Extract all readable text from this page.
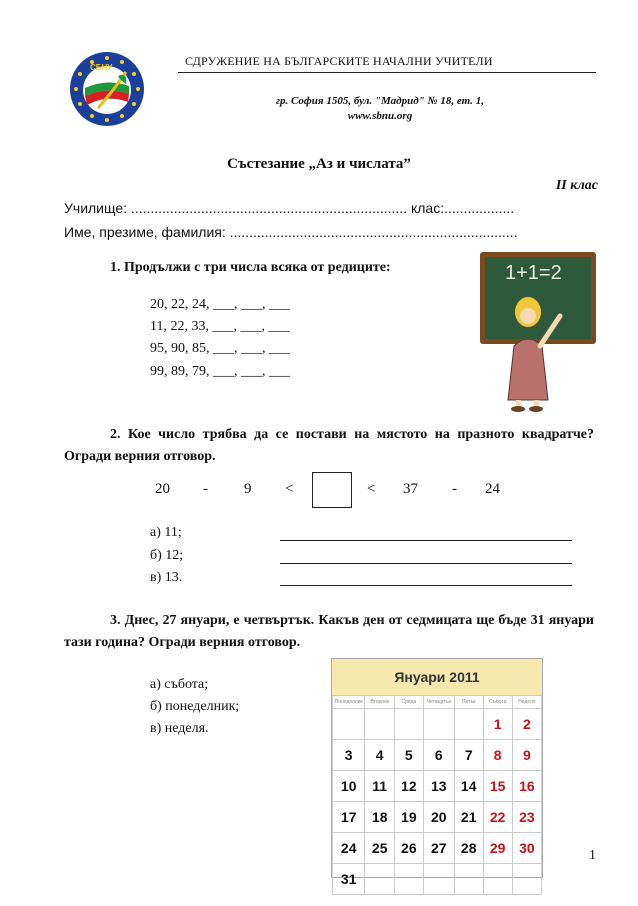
СБНУ	СДРУЖЕНИЕ НА БЪЛГАРСКИТЕ НАЧАЛНИ УЧИТЕЛИ
гр. София 1505, бул. "Мадрид" № 18, ет. 1,
www.sbnu.org
Състезание „Аз и числата”
II клас
Училище: ....................................................................... клас:..................
Име, презиме, фамилия: ..........................................................................
1. Продължи с три числа всяка от редиците:
20, 22, 24, ___, ___, ___
11, 22, 33, ___, ___, ___
95, 90, 85, ___, ___, ___
99, 89, 79, ___, ___, ___
1+1=2
2. Кое число трябва да се постави на мястото на празното квадратче? Огради верния отговор.
20 - 9 <	< 37 - 24
а) 11;
б) 12;
в) 13.
3. Днес, 27 януари, е четвъртък. Какъв ден от седмицата ще бъде 31 януари тази година? Огради верния отговор.
а) събота;
б) понеделник;
в) неделя.
Януари 2011
Понеделник	Вторник	Сряда	Четвъртък	Петък	Събота	Неделя
					1	2
3	4	5	6	7	8	9
10	11	12	13	14	15	16
17	18	19	20	21	22	23
24	25	26	27	28	29	30
31						
1
